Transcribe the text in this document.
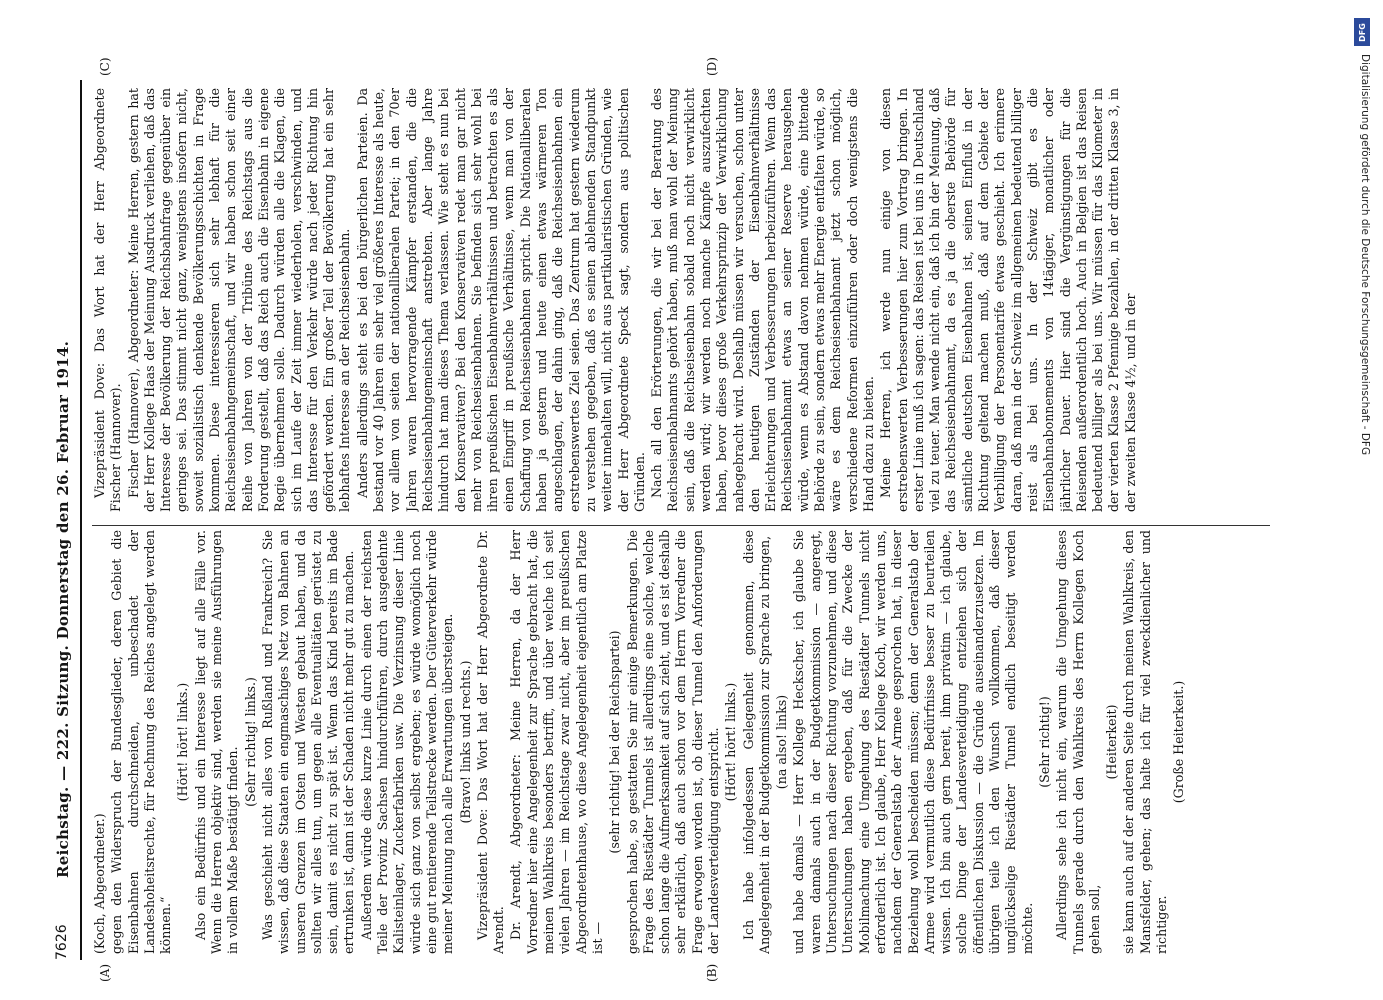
7626
Reichstag. — 222. Sitzung. Donnerstag den 26. Februar 1914.
(A)	(B)
(C)	(D)

(Koch, Abgeordneter.) gegen den Widerspruch der Bundesglieder, deren Gebiet die Eisenbahnen durchschneiden, unbeschadet der Landeshoheitsrechte, für Rechnung des Reiches angelegt werden können.“

(Hört! hört! links.) Also ein Bedürfnis und ein Interesse liegt auf alle Fälle vor. Wenn die Herren objektiv sind, werden sie meine Ausführungen in vollem Maße bestätigt finden.

(Sehr richtig! links.) Was geschieht nicht alles von Rußland und Frankreich? Sie wissen, daß diese Staaten ein engmaschiges Netz von Bahnen an unseren Grenzen im Osten und Westen gebaut haben, und da sollten wir alles tun, um gegen alle Eventualitäten gerüstet zu sein, damit es nicht zu spät ist. Wenn das Kind bereits im Bade ertrunken ist, dann ist der Schaden nicht mehr gut zu machen. Außerdem würde diese kurze Linie durch einen der reichsten Teile der Provinz Sachsen hindurchführen, durch ausgedehnte Kalisteinlager, Zuckerfabriken usw. Die Verzinsung dieser Linie würde sich ganz von selbst ergeben; es würde womöglich noch eine gut rentierende Teilstrecke werden. Der Güterverkehr würde meiner Meinung nach alle Erwartungen übersteigen. (Bravo! links und rechts.) Vizepräsident Dove: Das Wort hat der Herr Abgeordnete Dr. Arendt. Dr. Arendt, Abgeordneter: Meine Herren, da der Herr Vorredner hier eine Angelegenheit zur Sprache gebracht hat, die meinen Wahlkreis besonders betrifft, und über welche ich seit vielen Jahren — im Reichstage zwar nicht, aber im preußischen Abgeordnetenhause, wo diese Angelegenheit eigentlich am Platze ist —

(sehr richtig! bei der Reichspartei) gesprochen habe, so gestatten Sie mir einige Bemerkungen. Die Frage des Riestädter Tunnels ist allerdings eine solche, welche schon lange die Aufmerksamkeit auf sich zieht, und es ist deshalb sehr erklärlich, daß auch schon vor dem Herrn Vorredner die Frage erwogen worden ist, ob dieser Tunnel den Anforderungen der Landesverteidigung entspricht. (Hört! hört! links.) Ich habe infolgedessen Gelegenheit genommen, diese Angelegenheit in der Budgetkommission zur Sprache zu bringen, (na also! links) und habe damals — Herr Kollege Heckscher, ich glaube Sie waren damals auch in der Budgetkommission — angeregt, Untersuchungen nach dieser Richtung vorzunehmen, und diese Untersuchungen haben ergeben, daß für die Zwecke der Mobilmachung eine Umgehung des Riestädter Tunnels nicht erforderlich ist. Ich glaube, Herr Kollege Koch, wir werden uns, nachdem der Generalstab der Armee gesprochen hat, in dieser Beziehung wohl bescheiden müssen; denn der Generalstab der Armee wird vermutlich diese Bedürfnisse besser zu beurteilen wissen. Ich bin auch gern bereit, ihm privatim — ich glaube, solche Dinge der Landesverteidigung entziehen sich der öffentlichen Diskussion — die Gründe auseinanderzusetzen. Im übrigen teile ich den Wunsch vollkommen, daß dieser unglückselige Riestädter Tunnel endlich beseitigt werden möchte.

(Sehr richtig!) Allerdings sehe ich nicht ein, warum die Umgehung dieses Tunnels gerade durch den Wahlkreis des Herrn Kollegen Koch gehen soll,

(Heiterkeit) sie kann auch auf der anderen Seite durch meinen Wahlkreis, den Mansfelder, gehen; das halte ich für viel zweckdienlicher und richtiger.

(Große Heiterkeit.)

Vizepräsident Dove: Das Wort hat der Herr Abgeordnete Fischer (Hannover). Fischer (Hannover), Abgeordneter: Meine Herren, gestern hat der Herr Kollege Haas der Meinung Ausdruck verliehen, daß das Interesse der Bevölkerung der Reichsbahnfrage gegenüber ein geringes sei. Das stimmt nicht ganz, wenigstens insofern nicht, soweit sozialistisch denkende Bevölkerungsschichten in Frage kommen. Diese interessieren sich sehr lebhaft für die Reichseisenbahngemeinschaft, und wir haben schon seit einer Reihe von Jahren von der Tribüne des Reichstags aus die Forderung gestellt, daß das Reich auch die Eisenbahn in eigene Regie übernehmen solle. Dadurch würden alle die Klagen, die sich im Laufe der Zeit immer wiederholen, verschwinden, und das Interesse für den Verkehr würde nach jeder Richtung hin gefördert werden. Ein großer Teil der Bevölkerung hat ein sehr lebhaftes Interesse an der Reichseisenbahn. Anders allerdings steht es bei den bürgerlichen Parteien. Da bestand vor 40 Jahren ein sehr viel größeres Interesse als heute, vor allem von seiten der nationalliberalen Partei; in den 70er Jahren waren hervorragende Kämpfer erstanden, die die Reichseisenbahngemeinschaft anstrebten. Aber lange Jahre hindurch hat man dieses Thema verlassen. Wie steht es nun bei den Konservativen? Bei den Konservativen redet man gar nicht mehr von Reichseisenbahnen. Sie befinden sich sehr wohl bei ihren preußischen Eisenbahnverhältnissen und betrachten es als einen Eingriff in preußische Verhältnisse, wenn man von der Schaffung von Reichseisenbahnen spricht. Die Nationalliberalen haben ja gestern und heute einen etwas wärmeren Ton angeschlagen, der dahin ging, daß die Reichseisenbahnen ein erstrebenswertes Ziel seien. Das Zentrum hat gestern wiederum zu verstehen gegeben, daß es seinen ablehnenden Standpunkt weiter innehalten will, nicht aus partikularistischen Gründen, wie der Herr Abgeordnete Speck sagt, sondern aus politischen Gründen. Nach all den Erörterungen, die wir bei der Beratung des Reichseisenbahnamts gehört haben, muß man wohl der Meinung sein, daß die Reichseisenbahn sobald noch nicht verwirklicht werden wird; wir werden noch manche Kämpfe auszufechten haben, bevor dieses große Verkehrsprinzip der Verwirklichung nahegebracht wird. Deshalb müssen wir versuchen, schon unter den heutigen Zuständen der Eisenbahnverhältnisse Erleichterungen und Verbesserungen herbeizuführen. Wenn das Reichseisenbahnamt etwas an seiner Reserve herausgehen würde, wenn es Abstand davon nehmen würde, eine bittende Behörde zu sein, sondern etwas mehr Energie entfalten würde, so wäre es dem Reichseisenbahnamt jetzt schon möglich, verschiedene Reformen einzuführen oder doch wenigstens die Hand dazu zu bieten. Meine Herren, ich werde nun einige von diesen erstrebenswerten Verbesserungen hier zum Vortrag bringen. In erster Linie muß ich sagen: das Reisen ist bei uns in Deutschland viel zu teuer. Man wende nicht ein, daß ich bin der Meinung, daß das Reichseisenbahnamt, da es ja die oberste Behörde für sämtliche deutschen Eisenbahnen ist, seinen Einfluß in der Richtung geltend machen muß, daß auf dem Gebiete der Verbilligung der Personentarife etwas geschieht. Ich erinnere daran, daß man in der Schweiz im allgemeinen bedeutend billiger reist als bei uns. In der Schweiz gibt es die Eisenbahnabonnements von 14tägiger, monatlicher oder jährlicher Dauer. Hier sind die Vergünstigungen für die Reisenden außerordentlich hoch. Auch in Belgien ist das Reisen bedeutend billiger als bei uns. Wir müssen für das Kilometer in der vierten Klasse 2 Pfennige bezahlen, in der dritten Klasse 3, in der zweiten Klasse 4½, und in der

DFG
Digitalisierung gefördert durch die Deutsche Forschungsgemeinschaft - DFG
